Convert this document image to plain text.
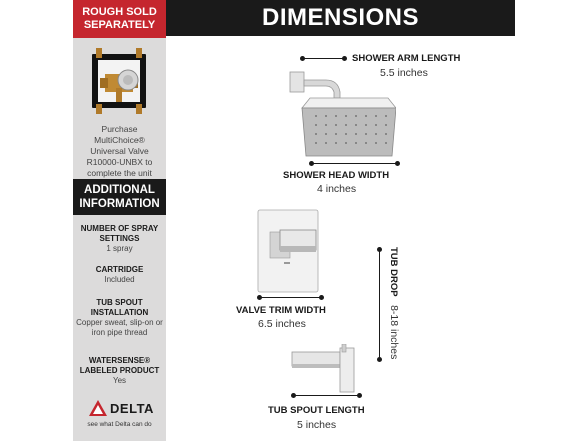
ROUGH SOLD
SEPARATELY
Purchase MultiChoice® Universal Valve R10000-UNBX to complete the unit
ADDITIONAL
INFORMATION
NUMBER OF SPRAY SETTINGS
1 spray
CARTRIDGE
Included
TUB SPOUT INSTALLATION
Copper sweat, slip-on or iron pipe thread
WATERSENSE® LABELED PRODUCT
Yes
DELTA
see what Delta can do
DIMENSIONS
SHOWER ARM LENGTH
5.5 inches
SHOWER HEAD WIDTH
4 inches
VALVE TRIM WIDTH
6.5 inches
TUB DROP 8-18 inches
TUB SPOUT LENGTH
5 inches
